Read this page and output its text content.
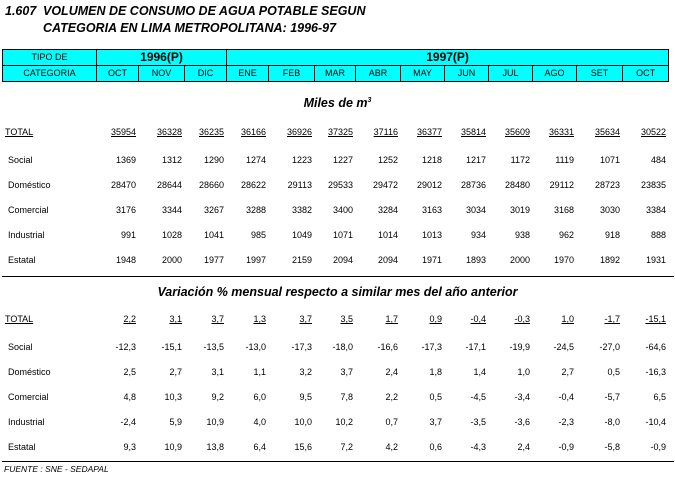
1.607 VOLUMEN DE CONSUMO DE AGUA POTABLE SEGUN
CATEGORIA EN LIMA METROPOLITANA: 1996-97
TIPO DE	1996(P)			1997(P)									
CATEGORIA	OCT	NOV	DIC	ENE	FEB	MAR	ABR	MAY	JUN	JUL	AGO	SET	OCT
Miles de $m^3$
TOTAL	35954	36328	36235	36166	36926	37325	37116	36377	35814	35609	36331	35634	30522
Social	1369	1312	1290	1274	1223	1227	1252	1218	1217	1172	1119	1071	484
Doméstico	28470	28644	28660	28622	29113	29533	29472	29012	28736	28480	29112	28723	23835
Comercial	3176	3344	3267	3288	3382	3400	3284	3163	3034	3019	3168	3030	3384
Industrial	991	1028	1041	985	1049	1071	1014	1013	934	938	962	918	888
Estatal	1948	2000	1977	1997	2159	2094	2094	1971	1893	2000	1970	1892	1931
Variación % mensual respecto a similar mes del año anterior
TOTAL	2,2	3,1	3,7	1,3	3,7	3,5	1,7	0,9	-0,4	-0,3	1,0	-1,7	-15,1
Social	-12,3	-15,1	-13,5	-13,0	-17,3	-18,0	-16,6	-17,3	-17,1	-19,9	-24,5	-27,0	-64,6
Doméstico	2,5	2,7	3,1	1,1	3,2	3,7	2,4	1,8	1,4	1,0	2,7	0,5	-16,3
Comercial	4,8	10,3	9,2	6,0	9,5	7,8	2,2	0,5	-4,5	-3,4	-0,4	-5,7	6,5
Industrial	-2,4	5,9	10,9	4,0	10,0	10,2	0,7	3,7	-3,5	-3,6	-2,3	-8,0	-10,4
Estatal	9,3	10,9	13,8	6,4	15,6	7,2	4,2	0,6	-4,3	2,4	-0,9	-5,8	-0,9
FUENTE : SNE - SEDAPAL
